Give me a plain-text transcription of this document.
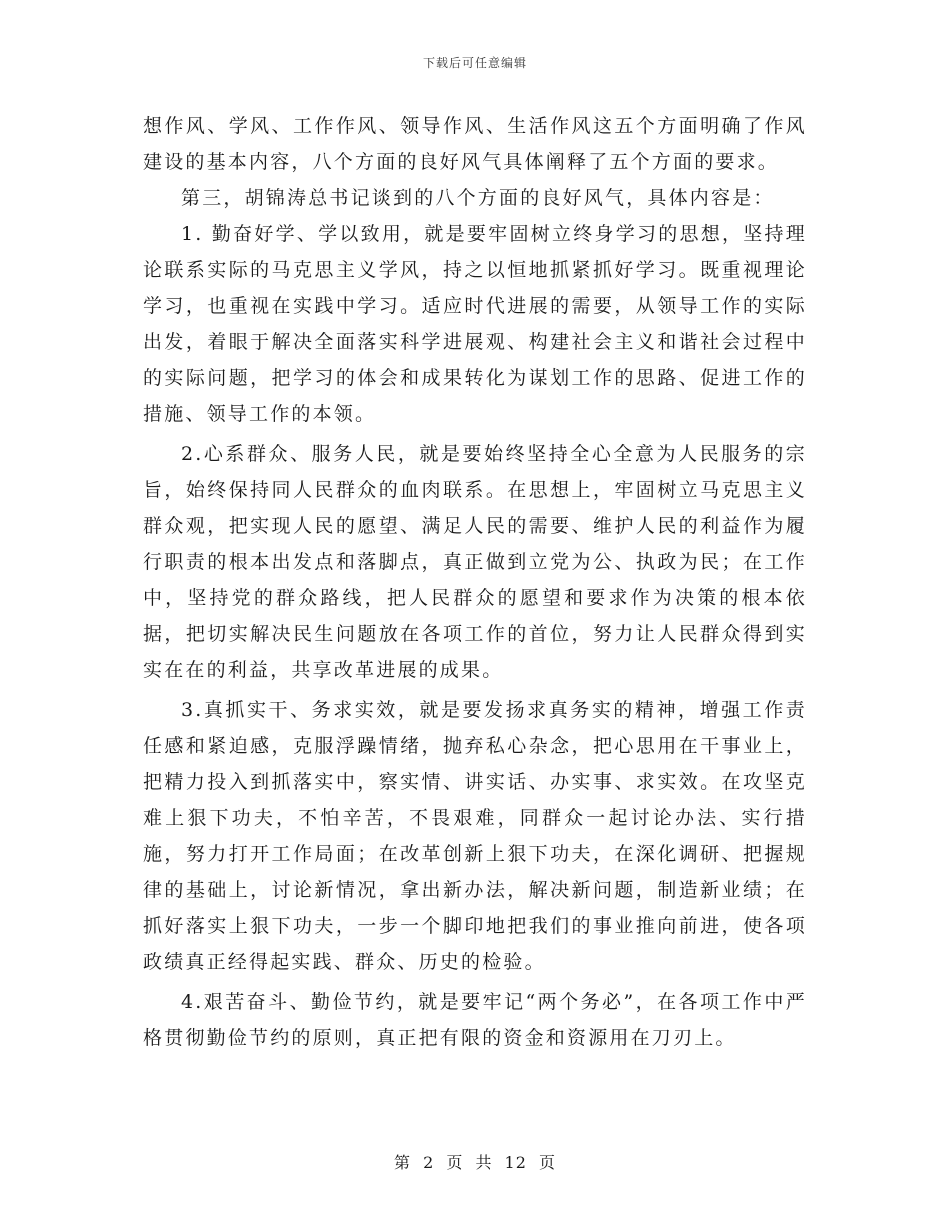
下载后可任意编辑

想作风、学风、工作作风、领导作风、生活作风这五个方面明确了作风建设的基本内容，八个方面的良好风气具体阐释了五个方面的要求。

第三，胡锦涛总书记谈到的八个方面的良好风气，具体内容是：

1. 勤奋好学、学以致用，就是要牢固树立终身学习的思想，坚持理论联系实际的马克思主义学风，持之以恒地抓紧抓好学习。既重视理论学习，也重视在实践中学习。适应时代进展的需要，从领导工作的实际出发，着眼于解决全面落实科学进展观、构建社会主义和谐社会过程中的实际问题，把学习的体会和成果转化为谋划工作的思路、促进工作的措施、领导工作的本领。

2.心系群众、服务人民，就是要始终坚持全心全意为人民服务的宗旨，始终保持同人民群众的血肉联系。在思想上，牢固树立马克思主义群众观，把实现人民的愿望、满足人民的需要、维护人民的利益作为履行职责的根本出发点和落脚点，真正做到立党为公、执政为民；在工作中，坚持党的群众路线，把人民群众的愿望和要求作为决策的根本依据，把切实解决民生问题放在各项工作的首位，努力让人民群众得到实实在在的利益，共享改革进展的成果。

3.真抓实干、务求实效，就是要发扬求真务实的精神，增强工作责任感和紧迫感，克服浮躁情绪，抛弃私心杂念，把心思用在干事业上，把精力投入到抓落实中，察实情、讲实话、办实事、求实效。在攻坚克难上狠下功夫，不怕辛苦，不畏艰难，同群众一起讨论办法、实行措施，努力打开工作局面；在改革创新上狠下功夫，在深化调研、把握规律的基础上，讨论新情况，拿出新办法，解决新问题，制造新业绩；在抓好落实上狠下功夫，一步一个脚印地把我们的事业推向前进，使各项政绩真正经得起实践、群众、历史的检验。

4.艰苦奋斗、勤俭节约，就是要牢记“两个务必”，在各项工作中严格贯彻勤俭节约的原则，真正把有限的资金和资源用在刀刃上。

第 2 页 共 12 页
